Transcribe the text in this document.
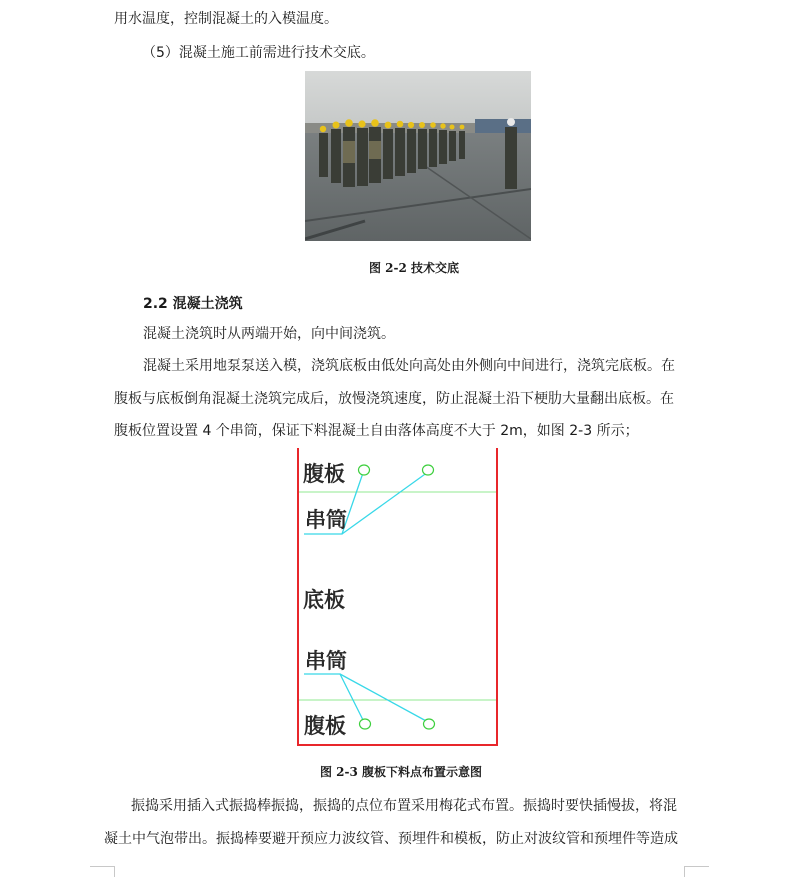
用水温度，控制混凝土的入模温度。
（5）混凝土施工前需进行技术交底。
图 2-2 技术交底
2.2 混凝土浇筑
混凝土浇筑时从两端开始，向中间浇筑。
混凝土采用地泵泵送入模，浇筑底板由低处向高处由外侧向中间进行，浇筑完底板。在
腹板与底板倒角混凝土浇筑完成后，放慢浇筑速度，防止混凝土沿下梗肋大量翻出底板。在
腹板位置设置 4 个串筒，保证下料混凝土自由落体高度不大于 2m，如图 2-3 所示；
腹板
串筒
底板
串筒
腹板
图 2-3 腹板下料点布置示意图
振捣采用插入式振捣棒振捣，振捣的点位布置采用梅花式布置。振捣时要快插慢拔，将混
凝土中气泡带出。振捣棒要避开预应力波纹管、预埋件和模板，防止对波纹管和预埋件等造成
